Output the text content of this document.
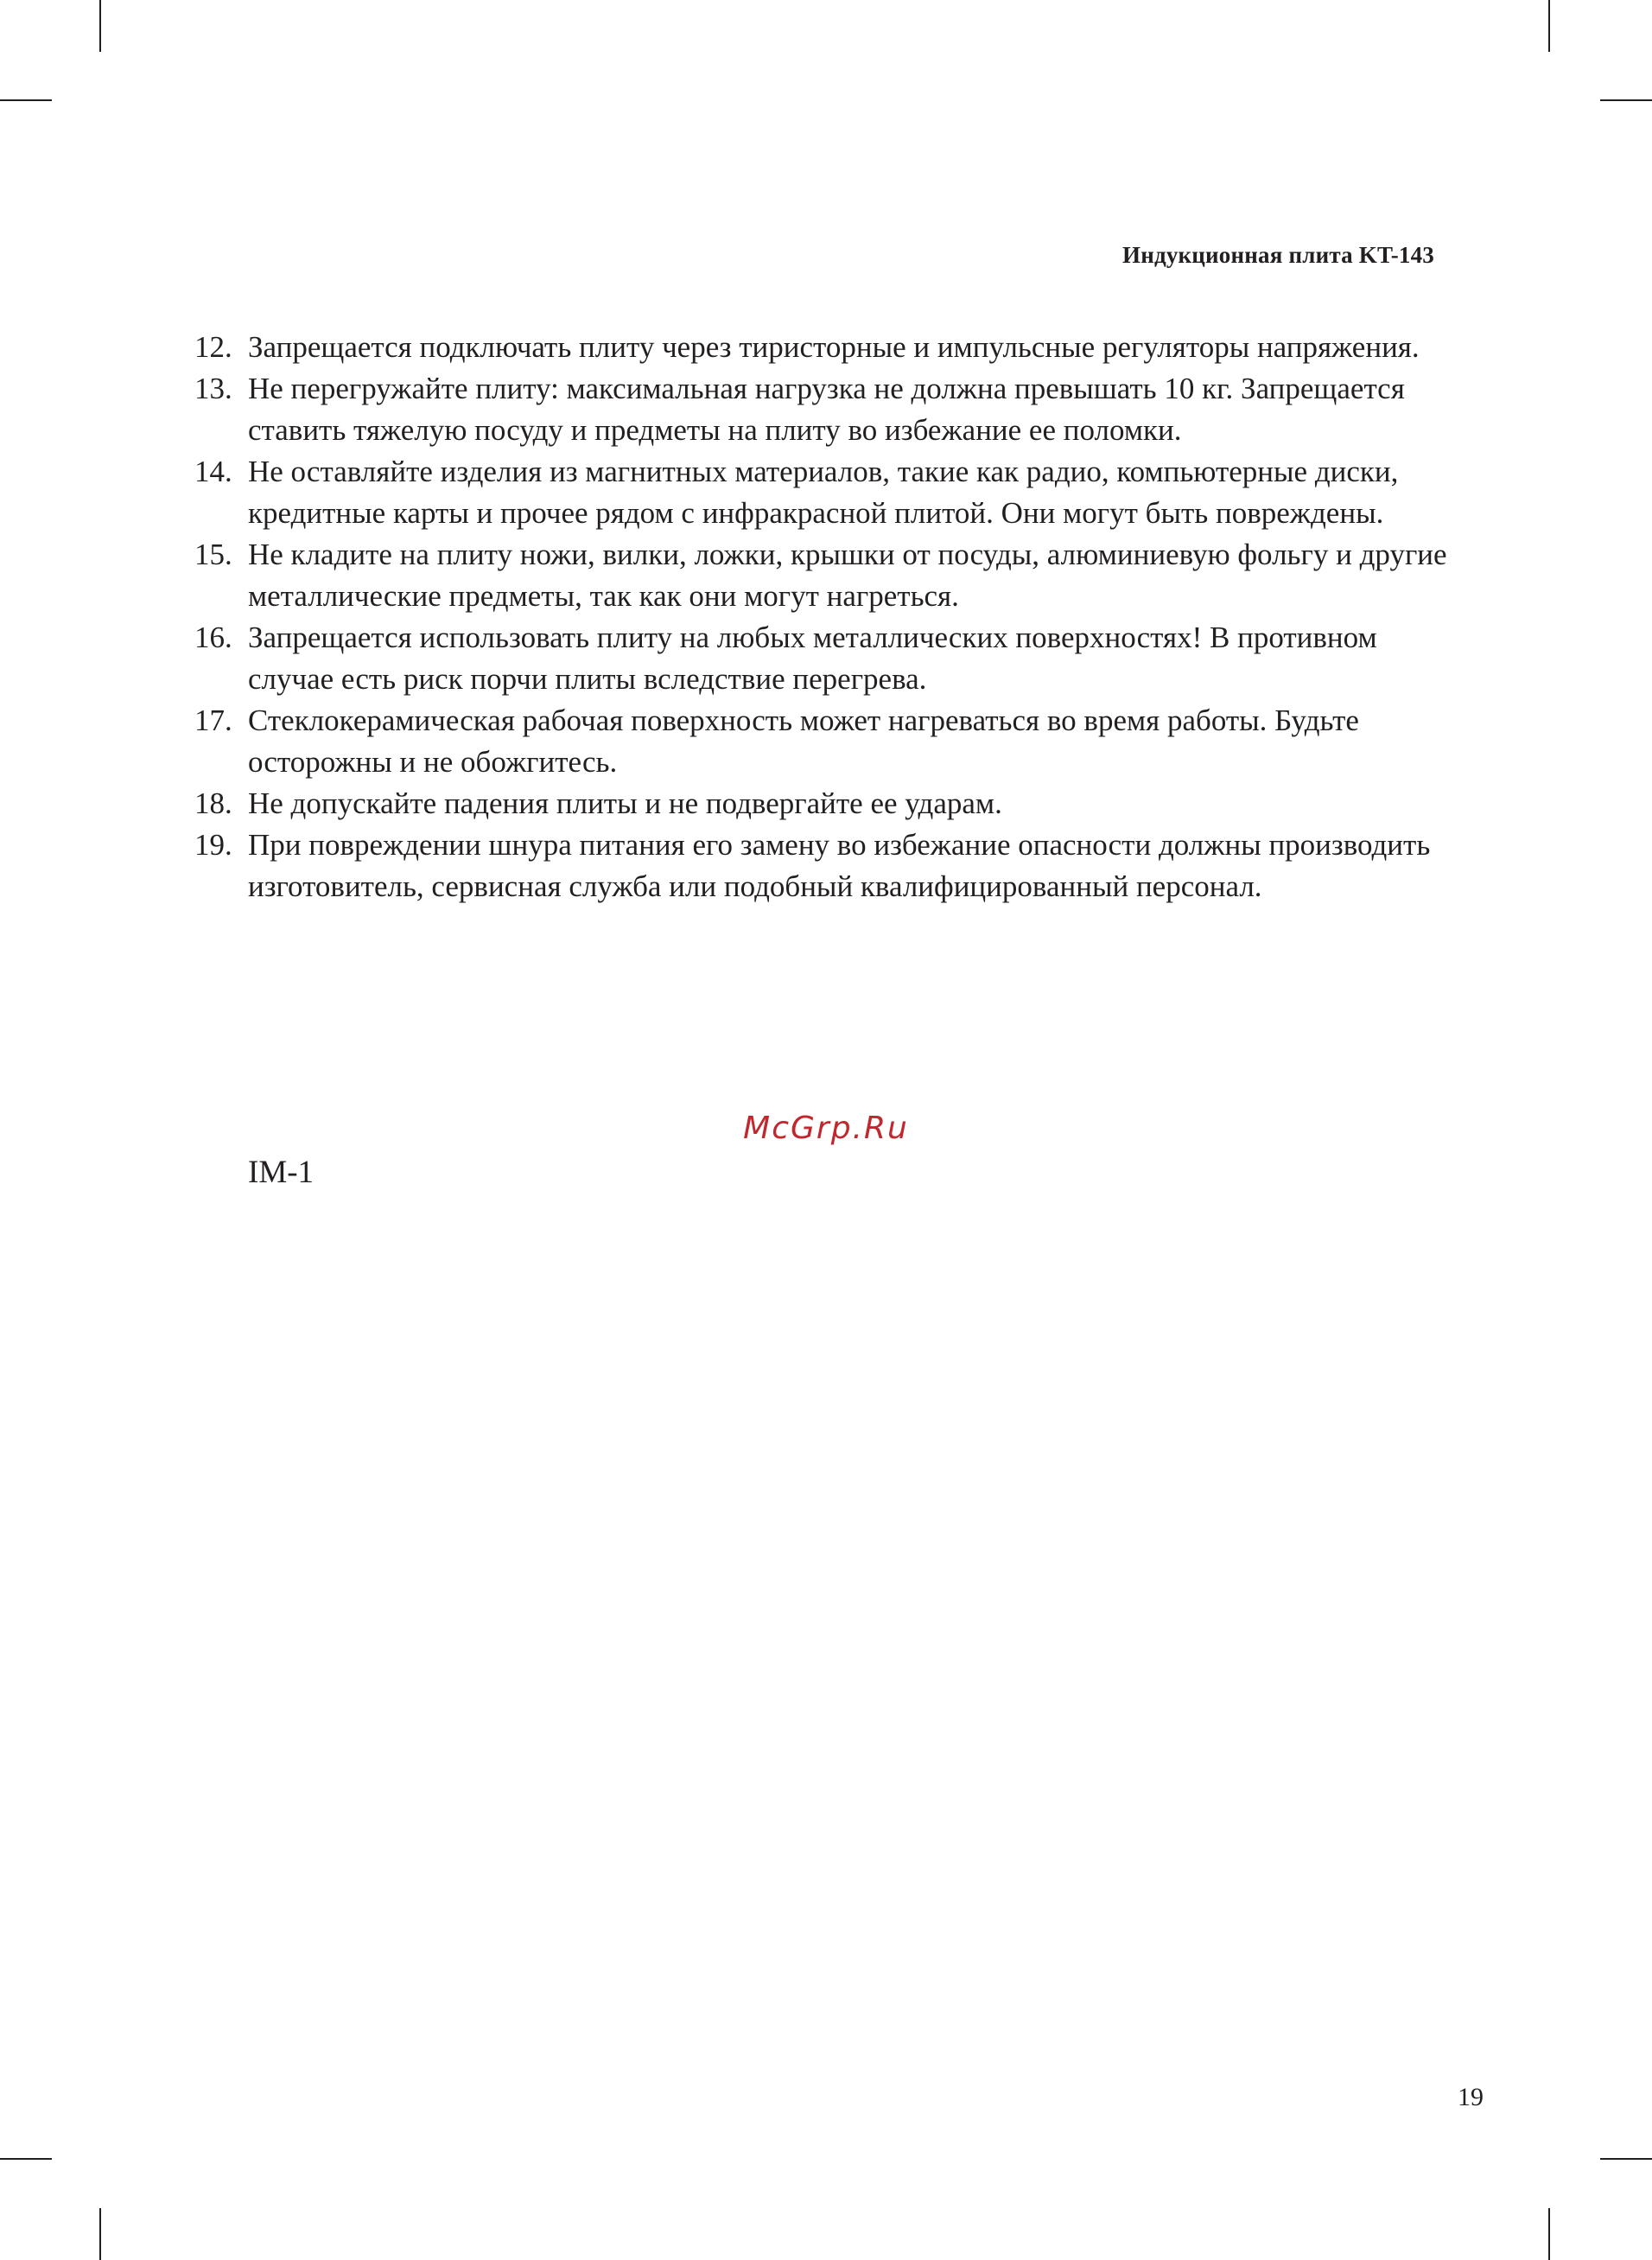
Индукционная плита KT-143
12. Запрещается подключать плиту через тиристорные и импульсные регуляторы напряжения.
13. Не перегружайте плиту: максимальная нагрузка не должна превышать 10 кг. Запрещается ставить тяжелую посуду и предметы на плиту во избежание ее поломки.
14. Не оставляйте изделия из магнитных материалов, такие как радио, компьютерные диски, кредитные карты и прочее рядом с инфракрасной плитой. Они могут быть повреждены.
15. Не кладите на плиту ножи, вилки, ложки, крышки от посуды, алюминиевую фольгу и другие металлические предметы, так как они могут нагреться.
16. Запрещается использовать плиту на любых металлических поверхностях! В противном случае есть риск порчи плиты вследствие перегрева.
17. Стеклокерамическая рабочая поверхность может нагреваться во время работы. Будьте осторожны и не обожгитесь.
18. Не допускайте падения плиты и не подвергайте ее ударам.
19. При повреждении шнура питания его замену во избежание опасности должны производить изготовитель, сервисная служба или подобный квалифицированный персонал.
McGrp.Ru
IM-1
19
